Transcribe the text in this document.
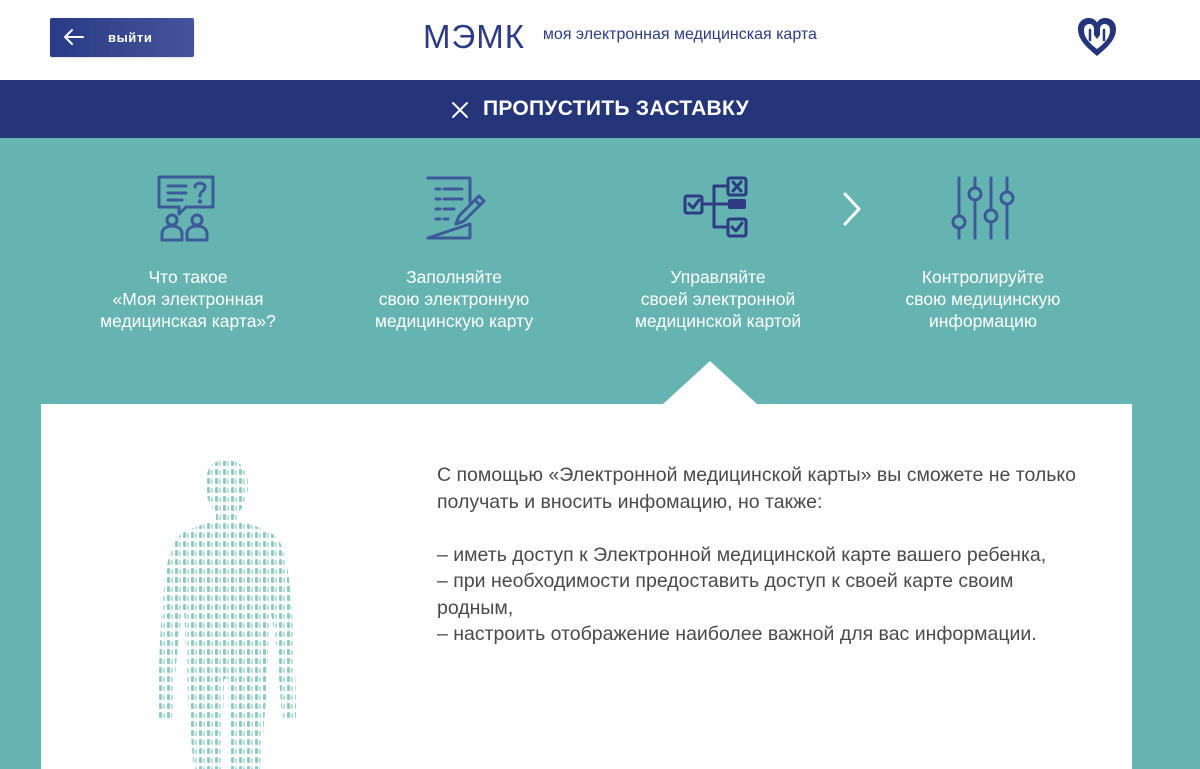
выйти	МЭМК моя электронная медицинская карта
ПРОПУСТИТЬ ЗАСТАВКУ
Что такое
«Моя электронная
медицинская карта»?
Заполняйте
свою электронную
медицинскую карту
Управляйте
своей электронной
медицинской картой
Контролируйте
свою медицинскую
информацию

С помощью «Электронной медицинской карты» вы сможете не только получать и вносить инфомацию, но также:

– иметь доступ к Электронной медицинской карте вашего ребенка,

– при необходимости предоставить доступ к своей карте своим родным,

– настроить отображение наиболее важной для вас информации.
